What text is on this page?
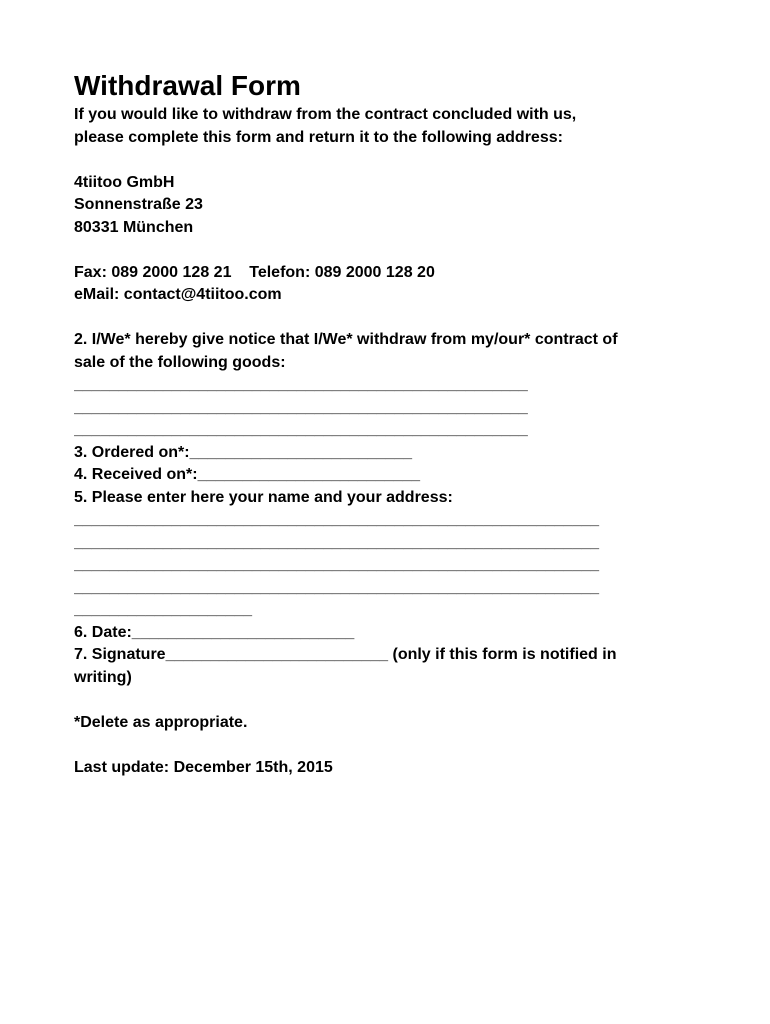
Withdrawal Form

If you would like to withdraw from the contract concluded with us,

please complete this form and return it to the following address:

4tiitoo GmbH

Sonnenstraße 23

80331 München

Fax: 089 2000 128 21    Telefon: 089 2000 128 20

eMail: contact@4tiitoo.com

2. I/We* hereby give notice that I/We* withdraw from my/our* contract of

sale of the following goods:

___________________________________________________
___________________________________________________
___________________________________________________

3. Ordered on*:_________________________

4. Received on*:_________________________

5. Please enter here your name and your address:

___________________________________________________________
___________________________________________________________
___________________________________________________________
___________________________________________________________
____________________

6. Date:_________________________

7. Signature_________________________ (only if this form is notified in

writing)

*Delete as appropriate.

Last update: December 15th, 2015
